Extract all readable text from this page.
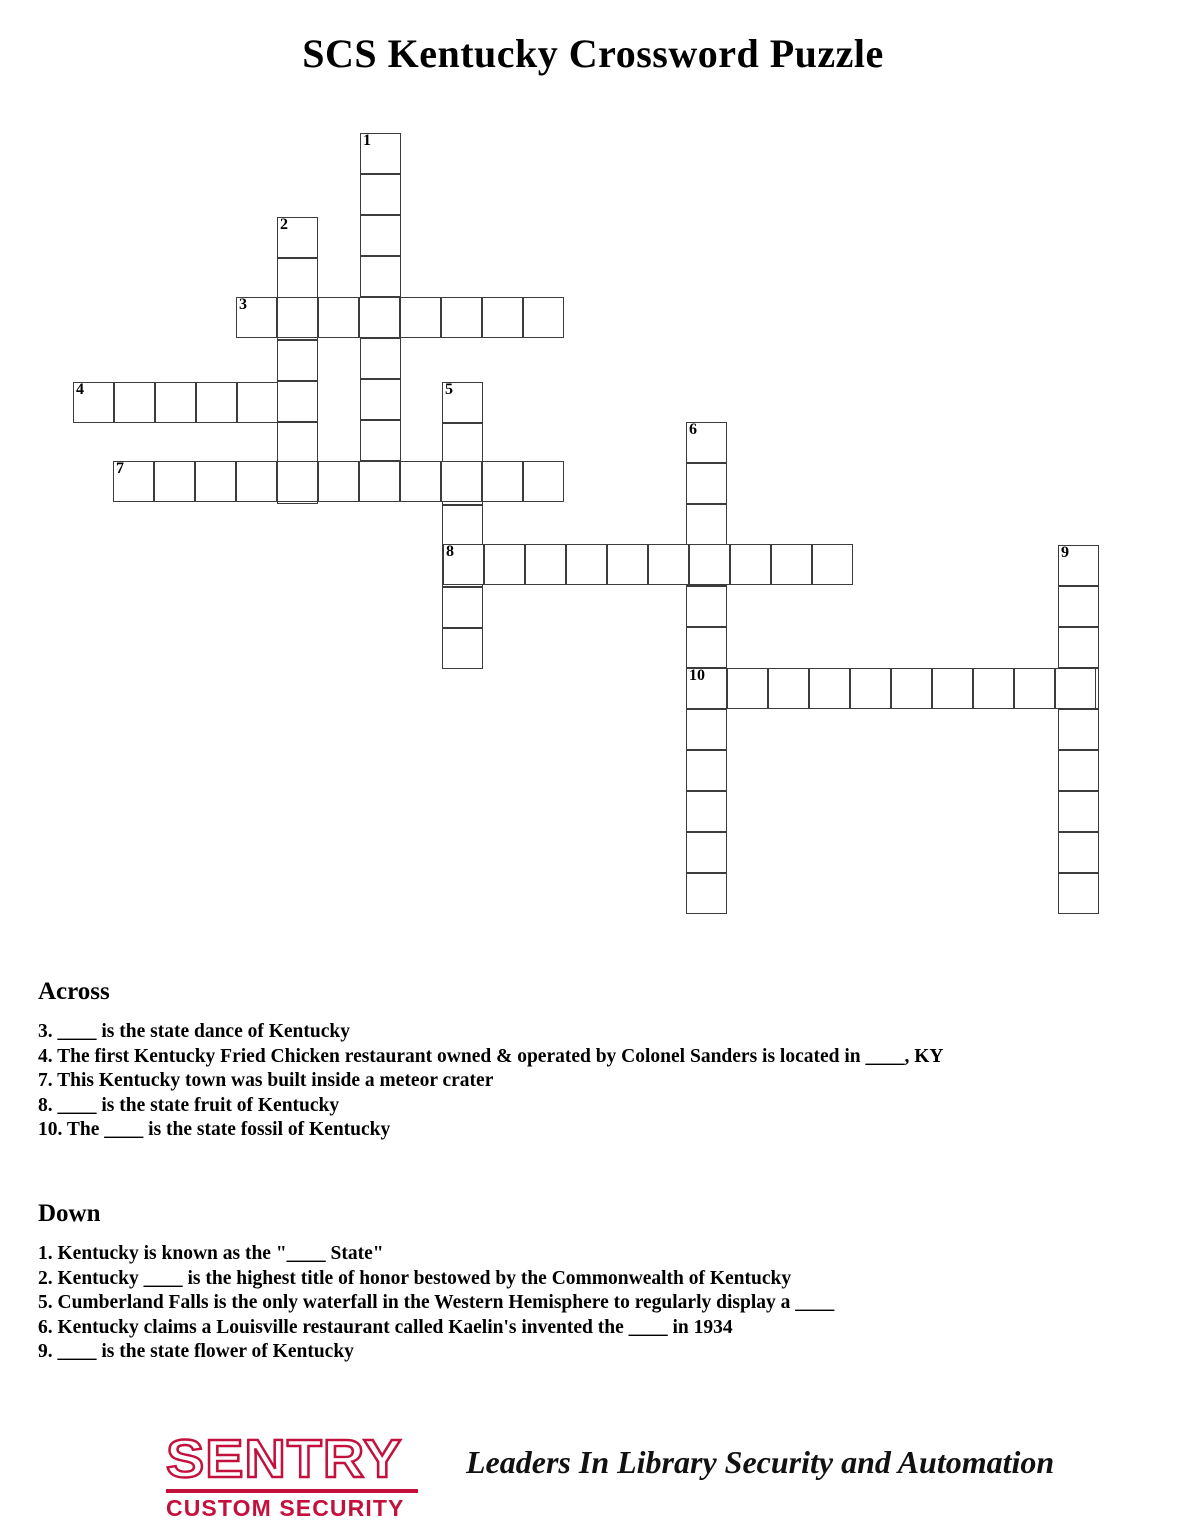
SCS Kentucky Crossword Puzzle
1
2
3
4	5
6
10
7
8	9
Across
3. ____ is the state dance of Kentucky
4. The first Kentucky Fried Chicken restaurant owned & operated by Colonel Sanders is located in ____, KY
7. This Kentucky town was built inside a meteor crater
8. ____ is the state fruit of Kentucky
10. The ____ is the state fossil of Kentucky
Down
1. Kentucky is known as the "____ State"
2. Kentucky ____ is the highest title of honor bestowed by the Commonwealth of Kentucky
5. Cumberland Falls is the only waterfall in the Western Hemisphere to regularly display a ____
6. Kentucky claims a Louisville restaurant called Kaelin's invented the ____ in 1934
9. ____ is the state flower of Kentucky
SENTRY
CUSTOM SECURITY
Leaders In Library Security and Automation
